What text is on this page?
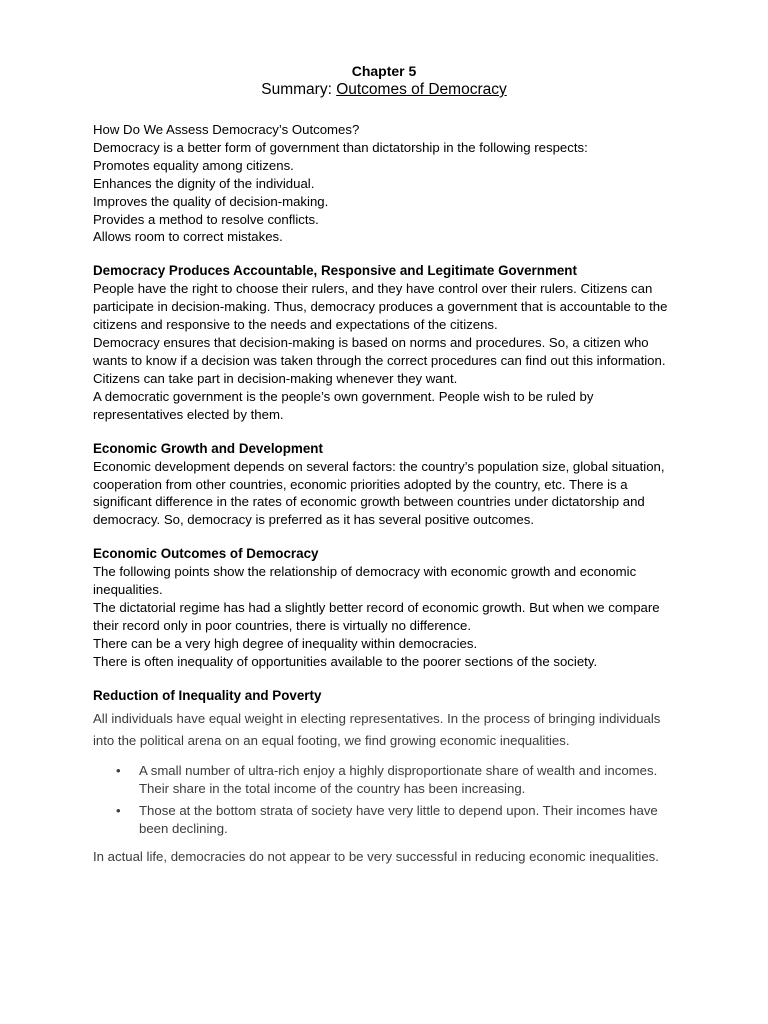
Chapter 5
Summary: Outcomes of Democracy

How Do We Assess Democracy’s Outcomes?

Democracy is a better form of government than dictatorship in the following respects:

Promotes equality among citizens.

Enhances the dignity of the individual.

Improves the quality of decision-making.

Provides a method to resolve conflicts.

Allows room to correct mistakes.

Democracy Produces Accountable, Responsive and Legitimate Government

People have the right to choose their rulers, and they have control over their rulers. Citizens can participate in decision-making. Thus, democracy produces a government that is accountable to the citizens and responsive to the needs and expectations of the citizens.

Democracy ensures that decision-making is based on norms and procedures. So, a citizen who wants to know if a decision was taken through the correct procedures can find out this information. Citizens can take part in decision-making whenever they want.

A democratic government is the people’s own government. People wish to be ruled by representatives elected by them.

Economic Growth and Development

Economic development depends on several factors: the country’s population size, global situation, cooperation from other countries, economic priorities adopted by the country, etc. There is a significant difference in the rates of economic growth between countries under dictatorship and democracy. So, democracy is preferred as it has several positive outcomes.

Economic Outcomes of Democracy

The following points show the relationship of democracy with economic growth and economic inequalities.

The dictatorial regime has had a slightly better record of economic growth. But when we compare their record only in poor countries, there is virtually no difference.

There can be a very high degree of inequality within democracies.

There is often inequality of opportunities available to the poorer sections of the society.

Reduction of Inequality and Poverty

All individuals have equal weight in electing representatives. In the process of bringing individuals into the political arena on an equal footing, we find growing economic inequalities.

• A small number of ultra-rich enjoy a highly disproportionate share of wealth and incomes. Their share in the total income of the country has been increasing.
• Those at the bottom strata of society have very little to depend upon. Their incomes have been declining.

In actual life, democracies do not appear to be very successful in reducing economic inequalities.
